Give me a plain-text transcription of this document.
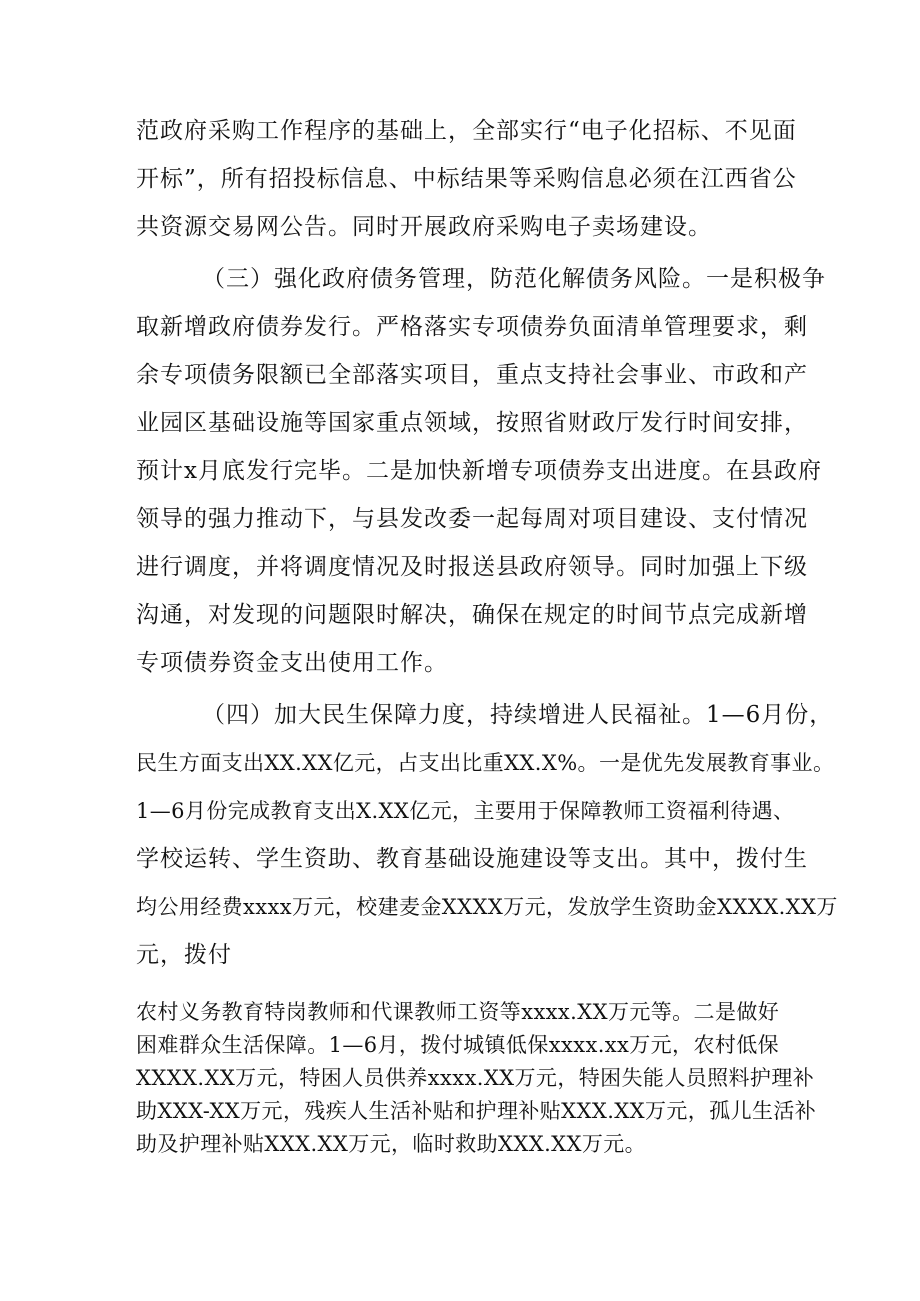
范政府采购工作程序的基础上，全部实行“电子化招标、不见面
开标”，所有招投标信息、中标结果等采购信息必须在江西省公
共资源交易网公告。同时开展政府采购电子卖场建设。
（三）强化政府债务管理，防范化解债务风险。一是积极争
取新增政府债券发行。严格落实专项债券负面清单管理要求，剩
余专项债务限额已全部落实项目，重点支持社会事业、市政和产
业园区基础设施等国家重点领域，按照省财政厅发行时间安排，
预计x月底发行完毕。二是加快新增专项债券支出进度。在县政府
领导的强力推动下，与县发改委一起每周对项目建设、支付情况
进行调度，并将调度情况及时报送县政府领导。同时加强上下级
沟通，对发现的问题限时解决，确保在规定的时间节点完成新增
专项债券资金支出使用工作。
（四）加大民生保障力度，持续增进人民福祉。1—6月份，
民生方面支出XX.XX亿元，占支出比重XX.X%。一是优先发展教育事业。
1—6月份完成教育支出X.XX亿元，主要用于保障教师工资福利待遇、
学校运转、学生资助、教育基础设施建设等支出。其中，拨付生
均公用经费xxxx万元，校建麦金XXXX万元，发放学生资助金XXXX.XX万
元，拨付
农村义务教育特岗教师和代课教师工资等xxxx.XX万元等。二是做好
困难群众生活保障。1—6月，拨付城镇低保xxxx.xx万元，农村低保
XXXX.XX万元，特困人员供养xxxx.XX万元，特困失能人员照料护理补
助XXX-XX万元，残疾人生活补贴和护理补贴XXX.XX万元，孤儿生活补
助及护理补贴XXX.XX万元，临时救助XXX.XX万元。
